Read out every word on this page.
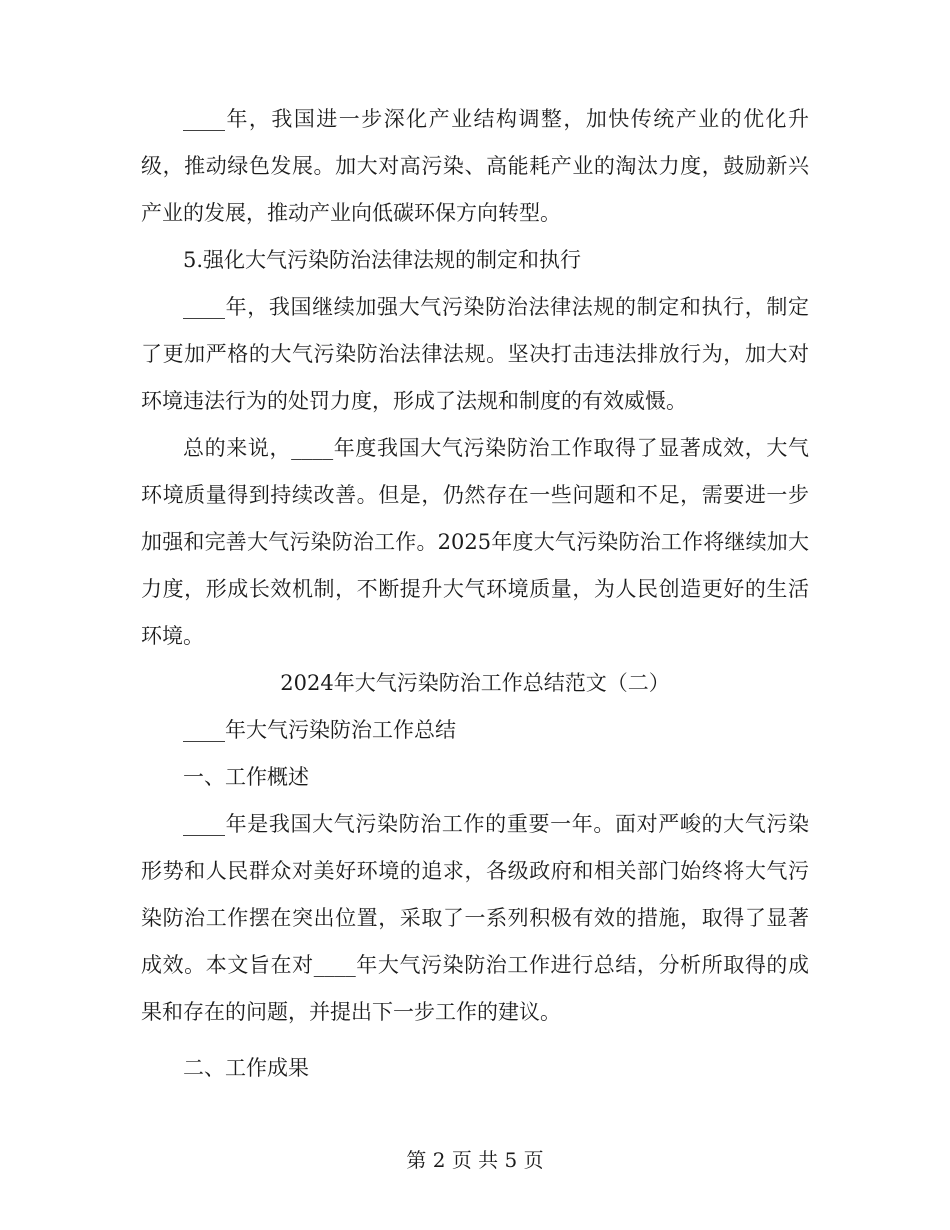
____年，我国进一步深化产业结构调整，加快传统产业的优化升级，推动绿色发展。加大对高污染、高能耗产业的淘汰力度，鼓励新兴产业的发展，推动产业向低碳环保方向转型。

5.强化大气污染防治法律法规的制定和执行

____年，我国继续加强大气污染防治法律法规的制定和执行，制定了更加严格的大气污染防治法律法规。坚决打击违法排放行为，加大对环境违法行为的处罚力度，形成了法规和制度的有效威慑。

总的来说，____年度我国大气污染防治工作取得了显著成效，大气环境质量得到持续改善。但是，仍然存在一些问题和不足，需要进一步加强和完善大气污染防治工作。2025年度大气污染防治工作将继续加大力度，形成长效机制，不断提升大气环境质量，为人民创造更好的生活环境。

2024年大气污染防治工作总结范文（二）

____年大气污染防治工作总结

一、工作概述

____年是我国大气污染防治工作的重要一年。面对严峻的大气污染形势和人民群众对美好环境的追求，各级政府和相关部门始终将大气污染防治工作摆在突出位置，采取了一系列积极有效的措施，取得了显著成效。本文旨在对____年大气污染防治工作进行总结，分析所取得的成果和存在的问题，并提出下一步工作的建议。

二、工作成果

第 2 页 共 5 页
